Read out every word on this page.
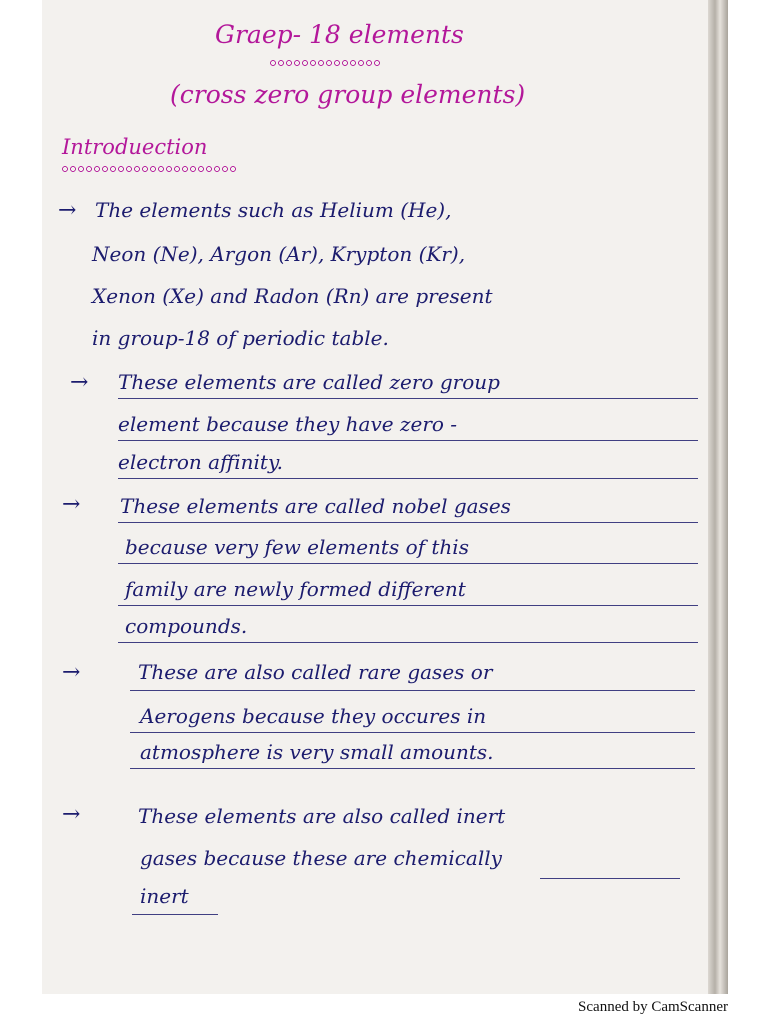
Graep- 18 elements
(cross zero group elements)
Introduection
→ The elements such as Helium (He),
Neon (Ne), Argon (Ar), Krypton (Kr),
Xenon (Xe) and Radon (Rn) are present
in group-18 of periodic table.
→ These elements are called zero group
element because they have zero -
electron affinity.
→ These elements are called nobel gases
because very few elements of this
family are newly formed different
compounds.
→	These are also called rare gases or
Aerogens because they occures in
atmosphere is very small amounts.
→	These elements are also called inert
gases because these are chemically
inert
Scanned by CamScanner
